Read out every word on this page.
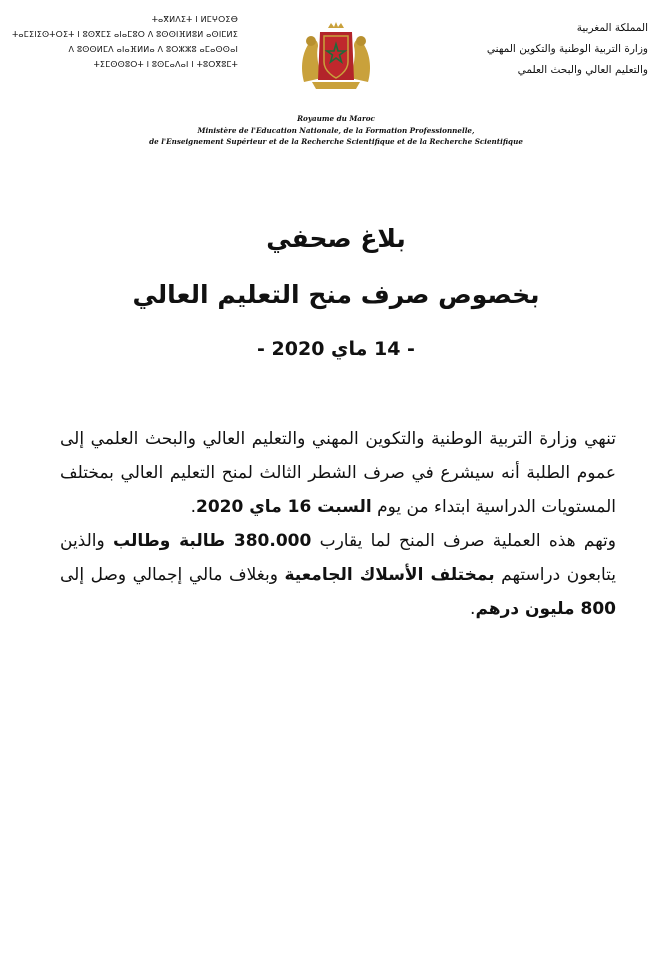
ⵜⴰⴳⵍⴷⵉⵜ ⵏ ⵍⵎⵖⵔⵉⴱ
ⵜⴰⵎⵉⵏⵉⵙⵜⵔⵉⵜ ⵏ ⵓⵙⴳⵎⵉ ⴰⵏⴰⵎⵓⵔ ⴷ ⵓⵙⵙⵏⴼⵍⵓⵍ ⴰⵙⵏⵎⵍⵉ
ⴷ ⵓⵙⵙⵍⵎⴷ ⴰⵏⴰⴼⵍⵍⴰ ⴷ ⵓⵔⵣⵣⵓ ⴰⵎⴰⵙⵙⴰⵏ
ⵜⵉⵎⵙⵙⵓⵔⵜ ⵏ ⵓⵙⵎⴰⴷⴰⵏ ⵏ ⵜⵓⵔⴳⵓⵎⵜ
المملكة المغربية
وزارة التربية الوطنية والتكوين المهني
والتعليم العالي والبحث العلمي
Royaume du Maroc
Ministère de l'Education Nationale, de la Formation Professionnelle,
de l'Enseignement Supérieur et de la Recherche Scientifique et de la Recherche Scientifique
بلاغ صحفي
بخصوص صرف منح التعليم العالي
- 14 ماي 2020 -

تنهي وزارة التربية الوطنية والتكوين المهني والتعليم العالي والبحث العلمي إلى عموم الطلبة أنه سيشرع في صرف الشطر الثالث لمنح التعليم العالي بمختلف المستويات الدراسية ابتداء من يوم السبت 16 ماي 2020.

وتهم هذه العملية صرف المنح لما يقارب 380.000 طالبة وطالب والذين يتابعون دراستهم بمختلف الأسلاك الجامعية وبغلاف مالي إجمالي وصل إلى 800 مليون درهم.
